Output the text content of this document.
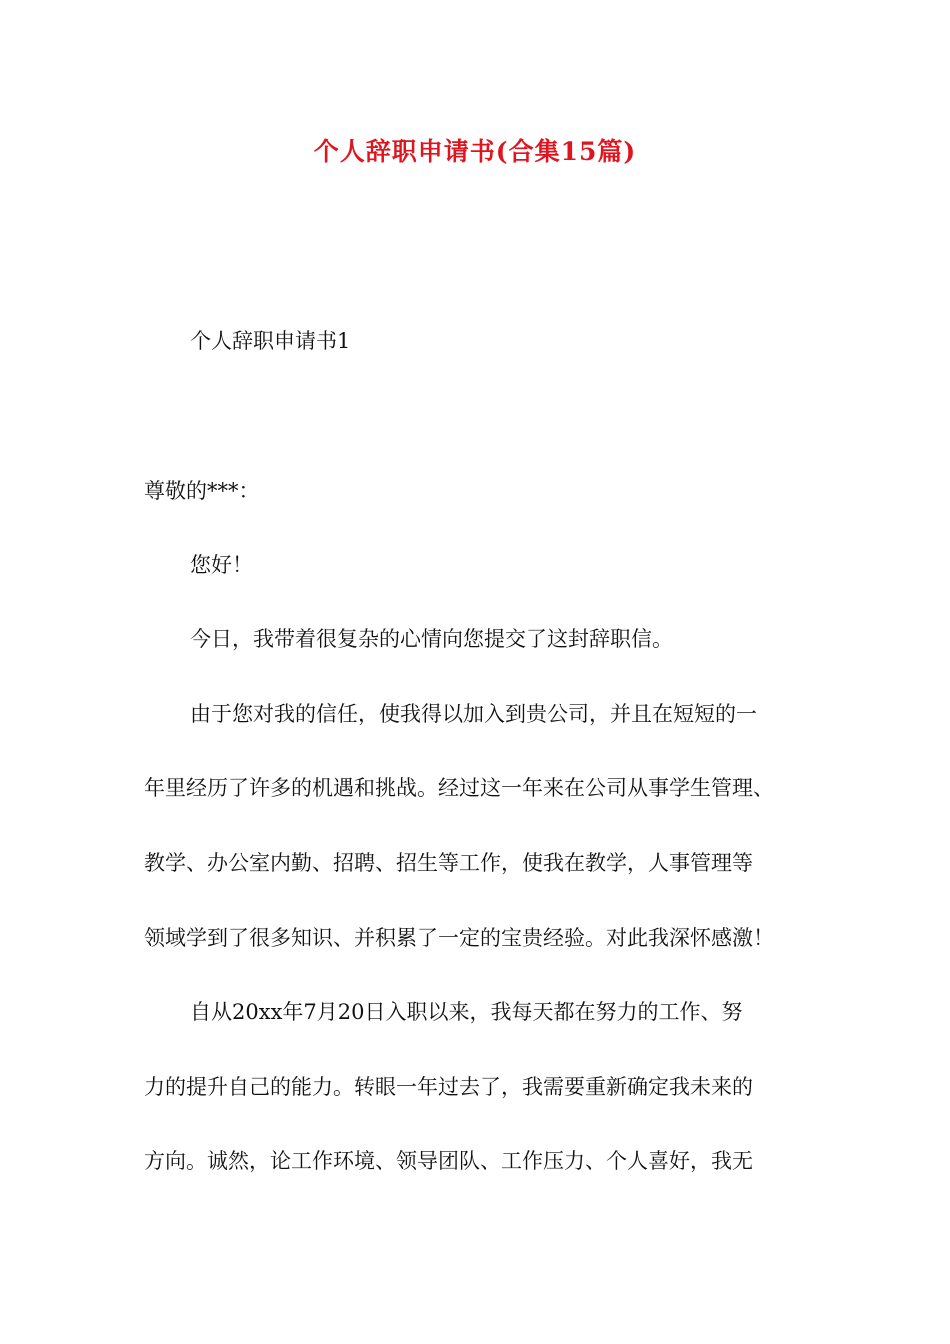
个人辞职申请书(合集15篇)
个人辞职申请书1
尊敬的***：
您好！
今日，我带着很复杂的心情向您提交了这封辞职信。
由于您对我的信任，使我得以加入到贵公司，并且在短短的一
年里经历了许多的机遇和挑战。经过这一年来在公司从事学生管理、
教学、办公室内勤、招聘、招生等工作，使我在教学，人事管理等
领域学到了很多知识、并积累了一定的宝贵经验。对此我深怀感激！
自从20xx年7月20日入职以来，我每天都在努力的工作、努
力的提升自己的能力。转眼一年过去了，我需要重新确定我未来的
方向。诚然，论工作环境、领导团队、工作压力、个人喜好，我无
